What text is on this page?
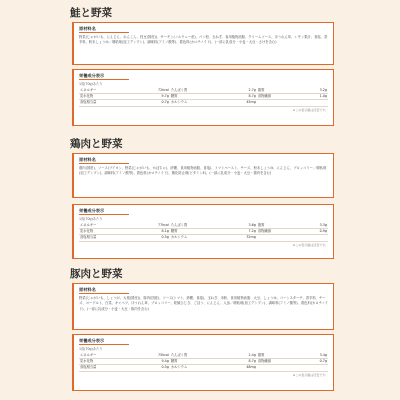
鮭と野菜
原材料名
野菜(じゃがいも、にんじん、れんこん、枝豆(国産))、サーモン(ノルウェー産)、パン粉、玉ねぎ、食用植物油脂、クリームソース、ほうれん草、レモン果汁、食塩、香辛料、粉末しょうゆ／増粘剤(加工デンプン)、調味料(アミノ酸等)、着色料(カロチノイド)、(一部に乳成分・小麦・大豆・さけを含む)
栄養成分表示
1食(70g)あたり
エネルギー	72kcal	たんぱく質	2.7g	脂質	3.2g
炭水化物	9.7g	糖質	8.7g	食物繊維	1.0g
食塩相当量	0.7g	カルシウム	45mg		
※この表示値は目安です。
鶏肉と野菜
原材料名
鶏肉(国産)、ソース(ブイヨン、野菜(じゃがいも、かぼちゃ)、砂糖、食用植物油脂、食塩)、トマトペースト、チーズ、粉末しょうゆ、にんじん、ブロッコリー／増粘剤(加工デンプン)、調味料(アミノ酸等)、着色料(カロチノイド)、酸化防止剤(ビタミンE)、(一部に乳成分・小麦・大豆・鶏肉を含む)
栄養成分表示
1食(70g)あたり
エネルギー	77kcal	たんぱく質	3.6g	脂質	3.3g
炭水化物	8.1g	糖質	7.2g	食物繊維	0.9g
食塩相当量	0.5g	カルシウム	32mg		
※この表示値は目安です。
豚肉と野菜
原材料名
野菜(じゃがいも、しょうが、大根(国産))、豚肉(国産)、ソース(トマト、砂糖、食塩)、玉ねぎ、米粉、食用植物油脂、大豆、しょうゆ、コーンスターチ、香辛料、チーズ、ヨーグルト、白菜、キャベツ、ほうれん草、ブロッコリー、乾燥ひじき、ごぼう、にんじん、人参／増粘剤(加工デンプン)、調味料(アミノ酸等)、着色料(カロチノイド)、(一部に乳成分・小麦・大豆・豚肉を含む)
栄養成分表示
1食(70g)あたり
エネルギー	75kcal	たんぱく質	2.4g	脂質	3.4g
炭水化物	9.4g	糖質	8.7g	食物繊維	0.7g
食塩相当量	0.5g	カルシウム	48mg		
※この表示値は目安です。
